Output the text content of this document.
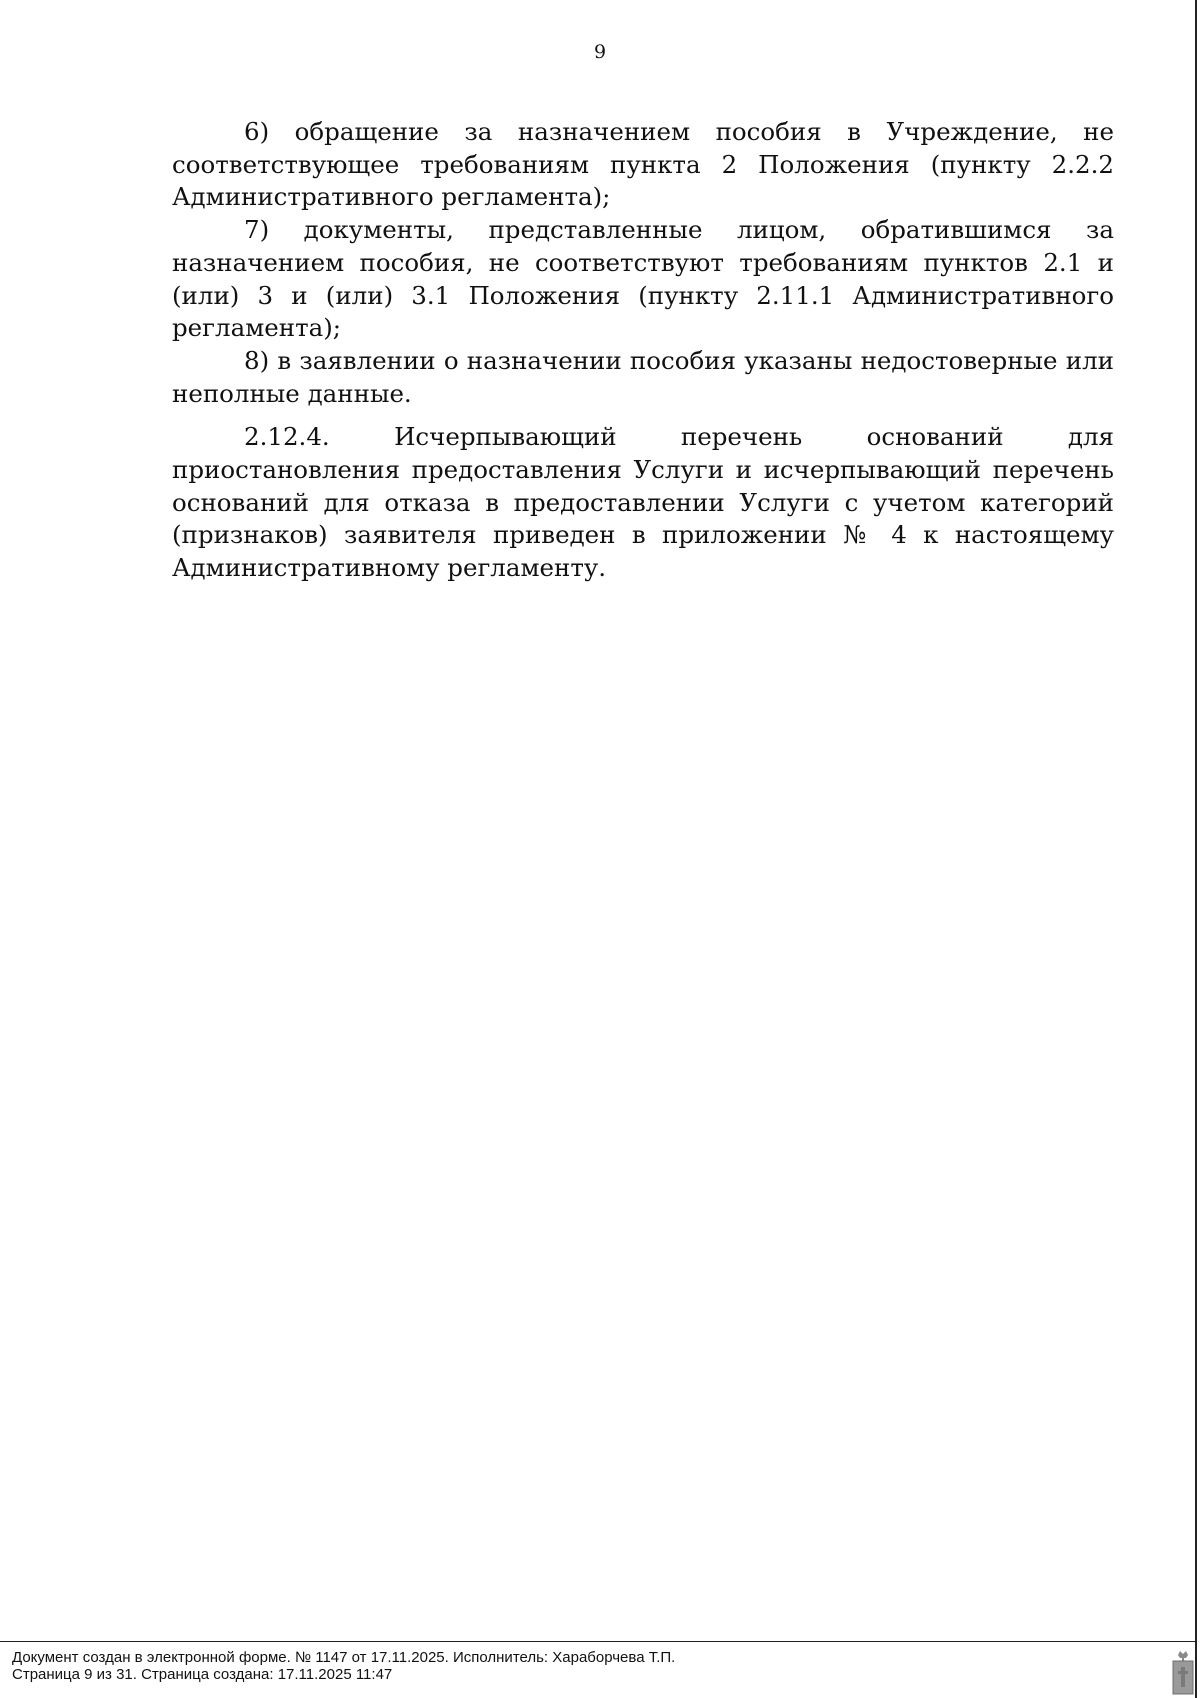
9

6) обращение за назначением пособия в Учреждение, не соответствующее требованиям пункта 2 Положения (пункту 2.2.2 Административного регламента);

7) документы, представленные лицом, обратившимся за назначением пособия, не соответствуют требованиям пунктов 2.1 и (или) 3 и (или) 3.1 Положения (пункту 2.11.1 Административного регламента);

8) в заявлении о назначении пособия указаны недостоверные или неполные данные.

2.12.4. Исчерпывающий перечень оснований для приостановления предоставления Услуги и исчерпывающий перечень оснований для отказа в предоставлении Услуги с учетом категорий (признаков) заявителя приведен в приложении № 4 к настоящему Административному регламенту.

Документ создан в электронной форме. № 1147 от 17.11.2025. Исполнитель: Хараборчева Т.П.
Страница 9 из 31. Страница создана: 17.11.2025 11:47
